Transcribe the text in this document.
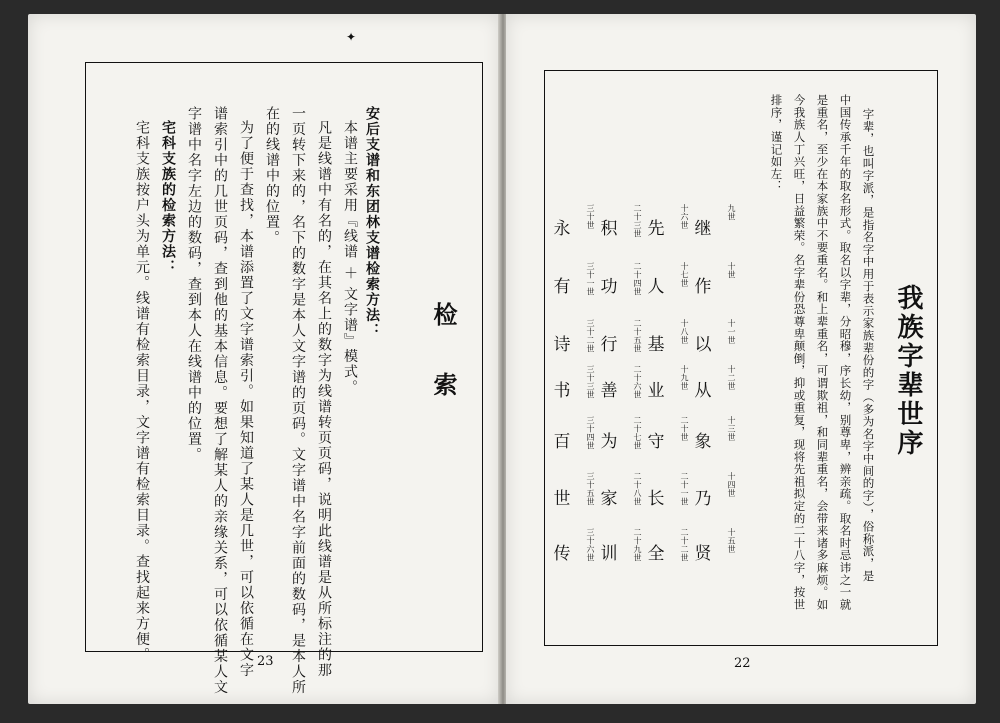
✦
检索
安后支谱和东团林支谱检索方法：
本谱主要采用『线谱 ＋ 文字谱』模式。
凡是线谱中有名的，在其名上的数字为线谱转页页码，说明此线谱是从所标注的那
一页转下来的，名下的数字是本人文字谱的页码。文字谱中名字前面的数码，是本人所
在的线谱中的位置。
为了便于查找，本谱添置了文字谱索引。如果知道了某人是几世，可以依循在文字
谱索引中的几世页码，查到他的基本信息。要想了解某人的亲缘关系，可以依循某人文
字谱中名字左边的数码，查到本人在线谱中的位置。
宅科支族的检索方法：
宅科支族按户头为单元。线谱有检索目录，文字谱有检索目录。查找起来方便。	23
我族字辈世序
字辈，也叫字派，是指名字中用于表示家族辈份的字（多为名字中间的字），俗称派，是
中国传承千年的取名形式。取名以字辈，分昭穆，序长幼，别尊卑，辨亲疏。取名时忌讳之一就
是重名，至少在本家族中不要重名。和上辈重名，可谓欺祖，和同辈重名，会带来诸多麻烦。如
今我族人丁兴旺，日益繁荣。名字辈份恐尊卑颠倒，抑或重复，现将先祖拟定的二十八字，按世
排序，谨记如左：
九世
继
十世
作
十一世
以
十二世
从
十三世
象
十四世
乃
十五世
贤
十六世
先
十七世
人
十八世
基
十九世
业
二十世
守
二十一世
长
二十二世
全
二十三世
积
二十四世
功
二十五世
行
二十六世
善
二十七世
为
二十八世
家
二十九世
训
三十世
永
三十一世
有
三十二世
诗
三十三世
书
三十四世
百
三十五世
世
三十六世
传
22
